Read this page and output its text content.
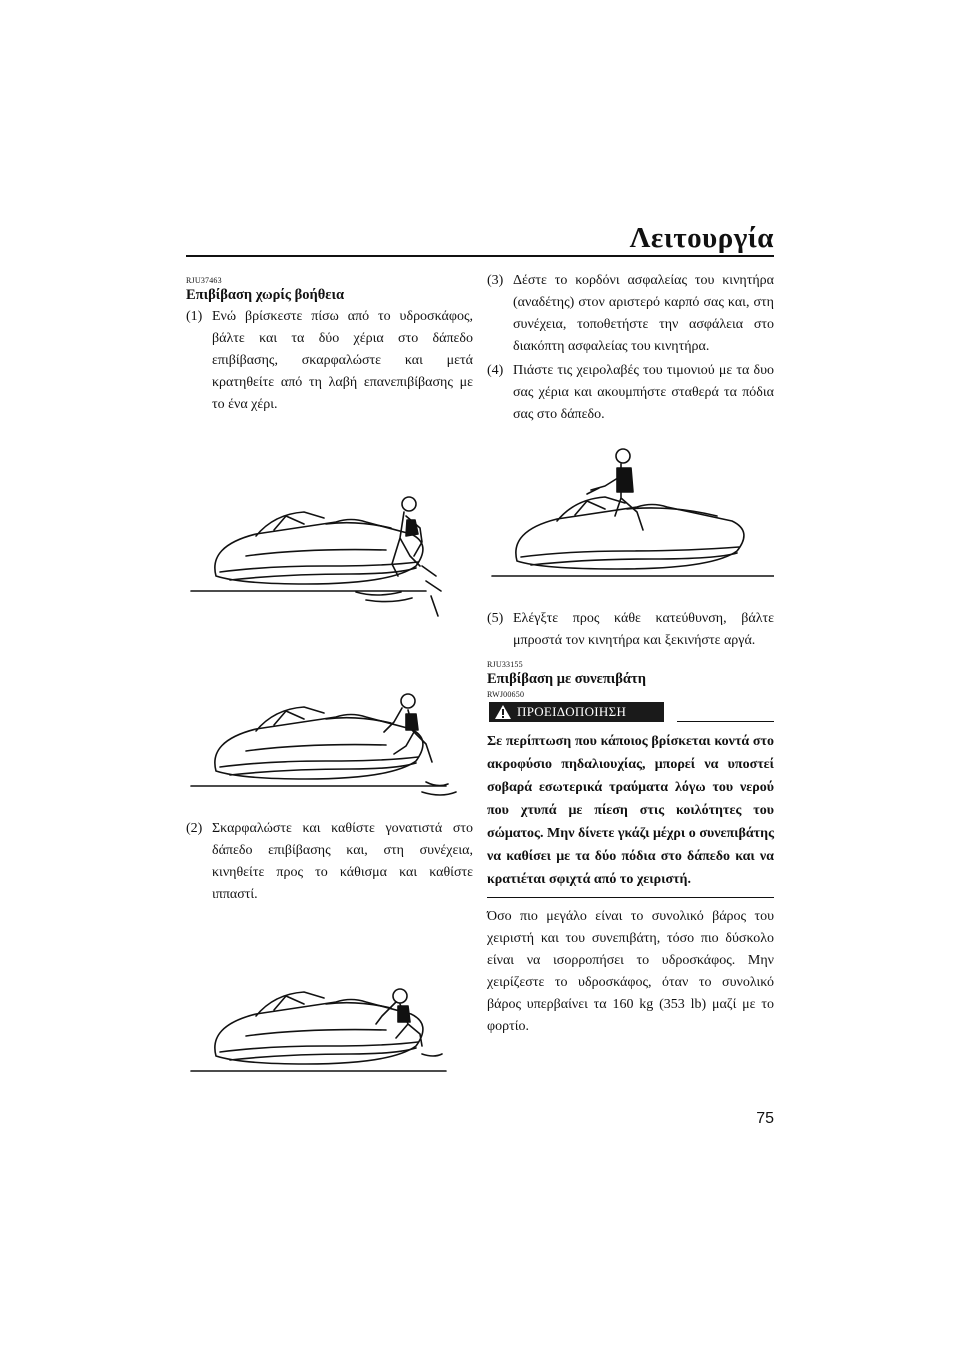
Λειτουργία
RJU37463
Επιβίβαση χωρίς βοήθεια
(1) Ενώ βρίσκεστε πίσω από το υδροσκάφος, βάλτε και τα δύο χέρια στο δάπεδο επιβίβασης, σκαρφαλώστε και μετά κρατηθείτε από τη λαβή επανεπιβίβασης με το ένα χέρι.
(2) Σκαρφαλώστε και καθίστε γονατιστά στο δάπεδο επιβίβασης και, στη συνέχεια, κινηθείτε προς το κάθισμα και καθίστε ιππαστί.
(3) Δέστε το κορδόνι ασφαλείας του κινητήρα (αναδέτης) στον αριστερό καρπό σας και, στη συνέχεια, τοποθετήστε την ασφάλεια στο διακόπτη ασφαλείας του κινητήρα.
(4) Πιάστε τις χειρολαβές του τιμονιού με τα δυο σας χέρια και ακουμπήστε σταθερά τα πόδια σας στο δάπεδο.
(5) Ελέγξτε προς κάθε κατεύθυνση, βάλτε μπροστά τον κινητήρα και ξεκινήστε αργά.
RJU33155
Επιβίβαση με συνεπιβάτη
RWJ00650
ΠΡΟΕΙΔΟΠΟΙΗΣΗ
Σε περίπτωση που κάποιος βρίσκεται κοντά στο ακροφύσιο πηδαλιουχίας, μπορεί να υποστεί σοβαρά εσωτερικά τραύματα λόγω του νερού που χτυπά με πίεση στις κοιλότητες του σώματος. Μην δίνετε γκάζι μέχρι ο συνεπιβάτης να καθίσει με τα δύο πόδια στο δάπεδο και να κρατιέται σφιχτά από το χειριστή.
Όσο πιο μεγάλο είναι το συνολικό βάρος του χειριστή και του συνεπιβάτη, τόσο πιο δύσκολο είναι να ισορροπήσει το υδροσκάφος. Μην χειρίζεστε το υδροσκάφος, όταν το συνολικό βάρος υπερβαίνει τα 160 kg (353 lb) μαζί με το φορτίο.
75
